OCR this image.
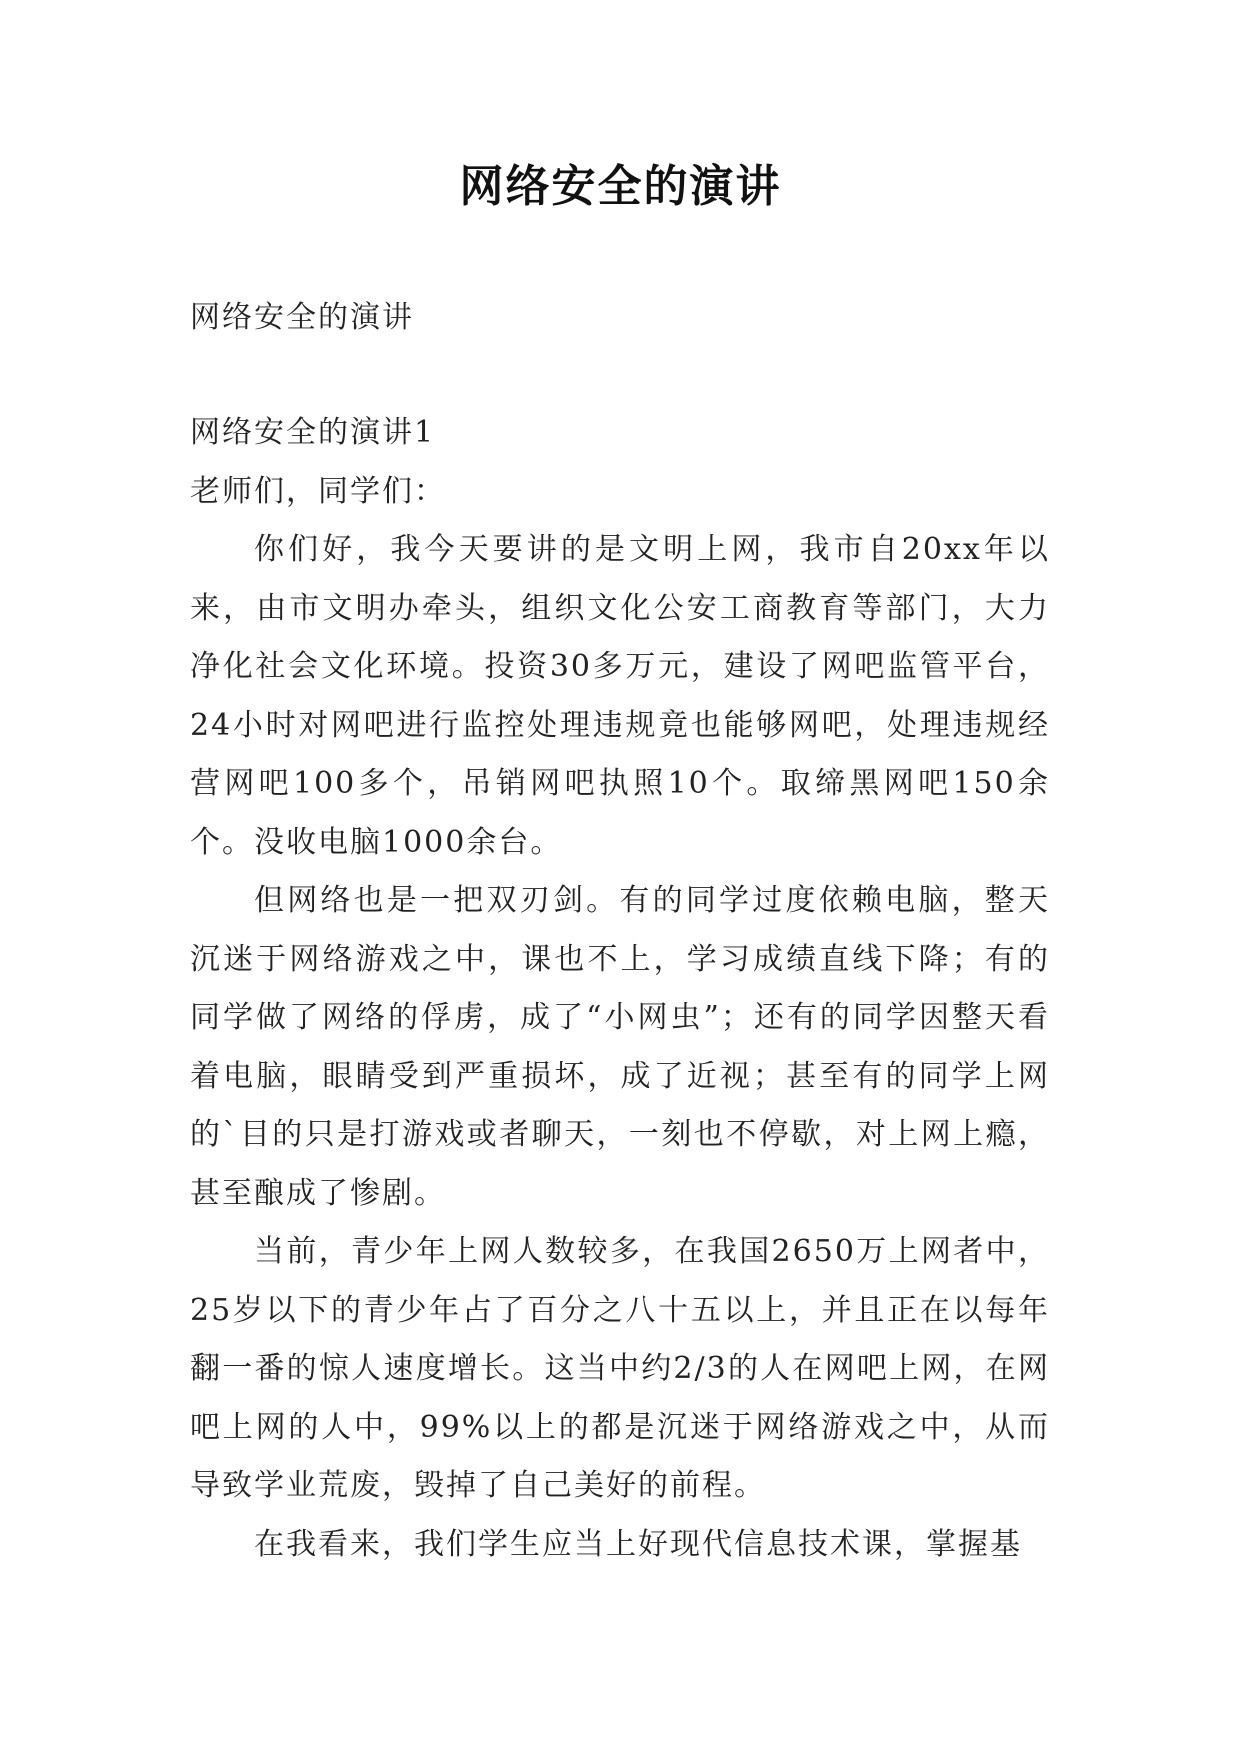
网络安全的演讲
网络安全的演讲

网络安全的演讲1

老师们，同学们：

你们好，我今天要讲的是文明上网，我市自20xx年以来，由市文明办牵头，组织文化公安工商教育等部门，大力净化社会文化环境。投资30多万元，建设了网吧监管平台，24小时对网吧进行监控处理违规竟也能够网吧，处理违规经营网吧100多个，吊销网吧执照10个。取缔黑网吧150余个。没收电脑1000余台。

但网络也是一把双刃剑。有的同学过度依赖电脑，整天沉迷于网络游戏之中，课也不上，学习成绩直线下降；有的同学做了网络的俘虏，成了“小网虫”；还有的同学因整天看着电脑，眼睛受到严重损坏，成了近视；甚至有的同学上网的`目的只是打游戏或者聊天，一刻也不停歇，对上网上瘾，甚至酿成了惨剧。

当前，青少年上网人数较多，在我国2650万上网者中，25岁以下的青少年占了百分之八十五以上，并且正在以每年翻一番的惊人速度增长。这当中约2/3的人在网吧上网，在网吧上网的人中，99%以上的都是沉迷于网络游戏之中，从而导致学业荒废，毁掉了自己美好的前程。

在我看来，我们学生应当上好现代信息技术课，掌握基
